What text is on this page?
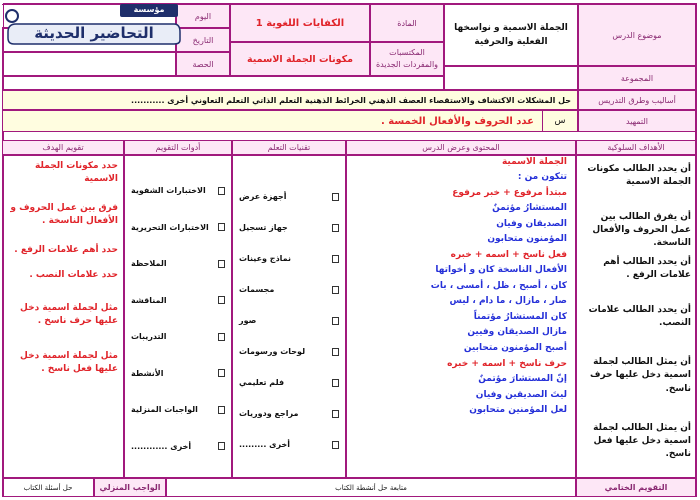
موضوع الدرس
الجملة الاسمية و نواسخها الفعلية والحرفية
المادة
الكفايات اللغوية 1
اليوم
المكتسبات والمفردات الجديدة
مكونات الجملة الاسمية
التاريخ
الحصة
المجموعة
أساليب وطرق التدريس
حل المشكلات الاكتشاف والاستقصاء العصف الذهني الخرائط الذهنية التعلم الذاتي التعلم التعاوني أخرى ...........
التمهيد
س
عدد الحروف والأفعال الخمسة .
الأهداف السلوكية
المحتوى وعرض الدرس
تقنيات التعلم
أدوات التقويم
تقويم الهدف
أن يحدد الطالب مكونات الجملة الاسمية
أن يفرق الطالب بين عمل الحروف والأفعال الناسخة.
أن يحدد الطالب أهم علامات الرفع .
أن يحدد الطالب علامات النصب.
أن يمثل الطالب لجملة اسمية دخل عليها حرف ناسخ.
أن يمثل الطالب لجملة اسمية دخل عليها فعل ناسخ.
الجملة الاسمية
تتكون من :
مبتدأ مرفوع + خبر مرفوع
المستشارُ مؤتمنٌ
الصديقان وفيان
المؤمنون متحابون
فعل ناسخ + اسمه + خبره
الأفعال الناسخة كان و أخواتها
كان ، أصبح ، ظل ، أمسى ، بات
صار ، مازال ، ما دام ، ليس
كان المستشارُ مؤتمناً
مازال الصديقان وفيين
أصبح المؤمنون متحابين
حرف ناسخ + اسمه + خبره
إنّ المستشارَ مؤتمنٌ
ليتَ الصديقين وفيان
لعل المؤمنين متحابون
أجهزة عرض
جهاز تسجيل
نماذج وعينات
مجسمات
صور
لوحات ورسومات
فلم تعليمي
مراجع ودوريات
أخرى .........
الاختبارات الشفوية
الاختبارات التحريرية
الملاحظة
المناقشة
التدريبات
الأنشطة
الواجبات المنزلية
أخرى ............
حدد مكونات الجملة الاسمية
فرق بين عمل الحروف و الأفعال الناسخة .
حدد أهم علامات الرفع .
حدد علامات النصب .
مثل لجملة اسمية دخل عليها حرف ناسخ .
مثل لجملة اسمية دخل عليها فعل ناسخ .
التقويم الختامي
متابعة حل أنشطة الكتاب
الواجب المنزلي
حل أسئلة الكتاب
مؤسسة
التحاضير الحديثة
